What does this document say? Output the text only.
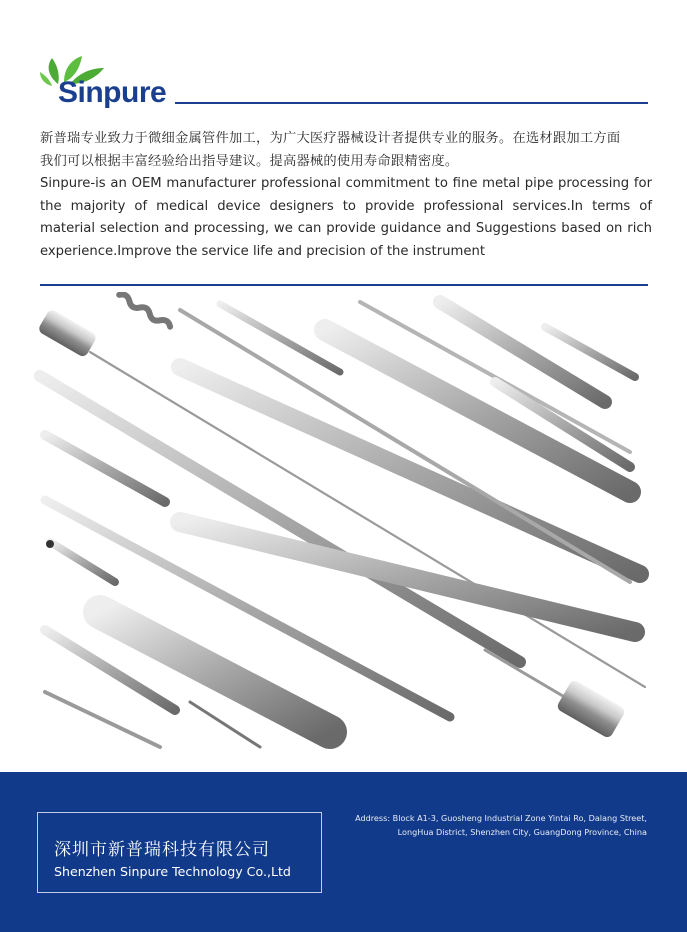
Sinpure
新普瑞专业致力于微细金属管件加工，为广大医疗器械设计者提供专业的服务。在选材跟加工方面
我们可以根据丰富经验给出指导建议。提高器械的使用寿命跟精密度。
Sinpure-is an OEM manufacturer professional commitment to fine metal pipe processing for the majority of medical device designers to provide professional services.In terms of material selection and processing, we can provide guidance and Suggestions based on rich experience.Improve the service life and precision of the instrument
深圳市新普瑞科技有限公司
Shenzhen Sinpure Technology Co.,Ltd
Address: Block A1-3, Guosheng Industrial Zone Yintai Ro, Dalang Street,
LongHua District, Shenzhen City, GuangDong Province, China
